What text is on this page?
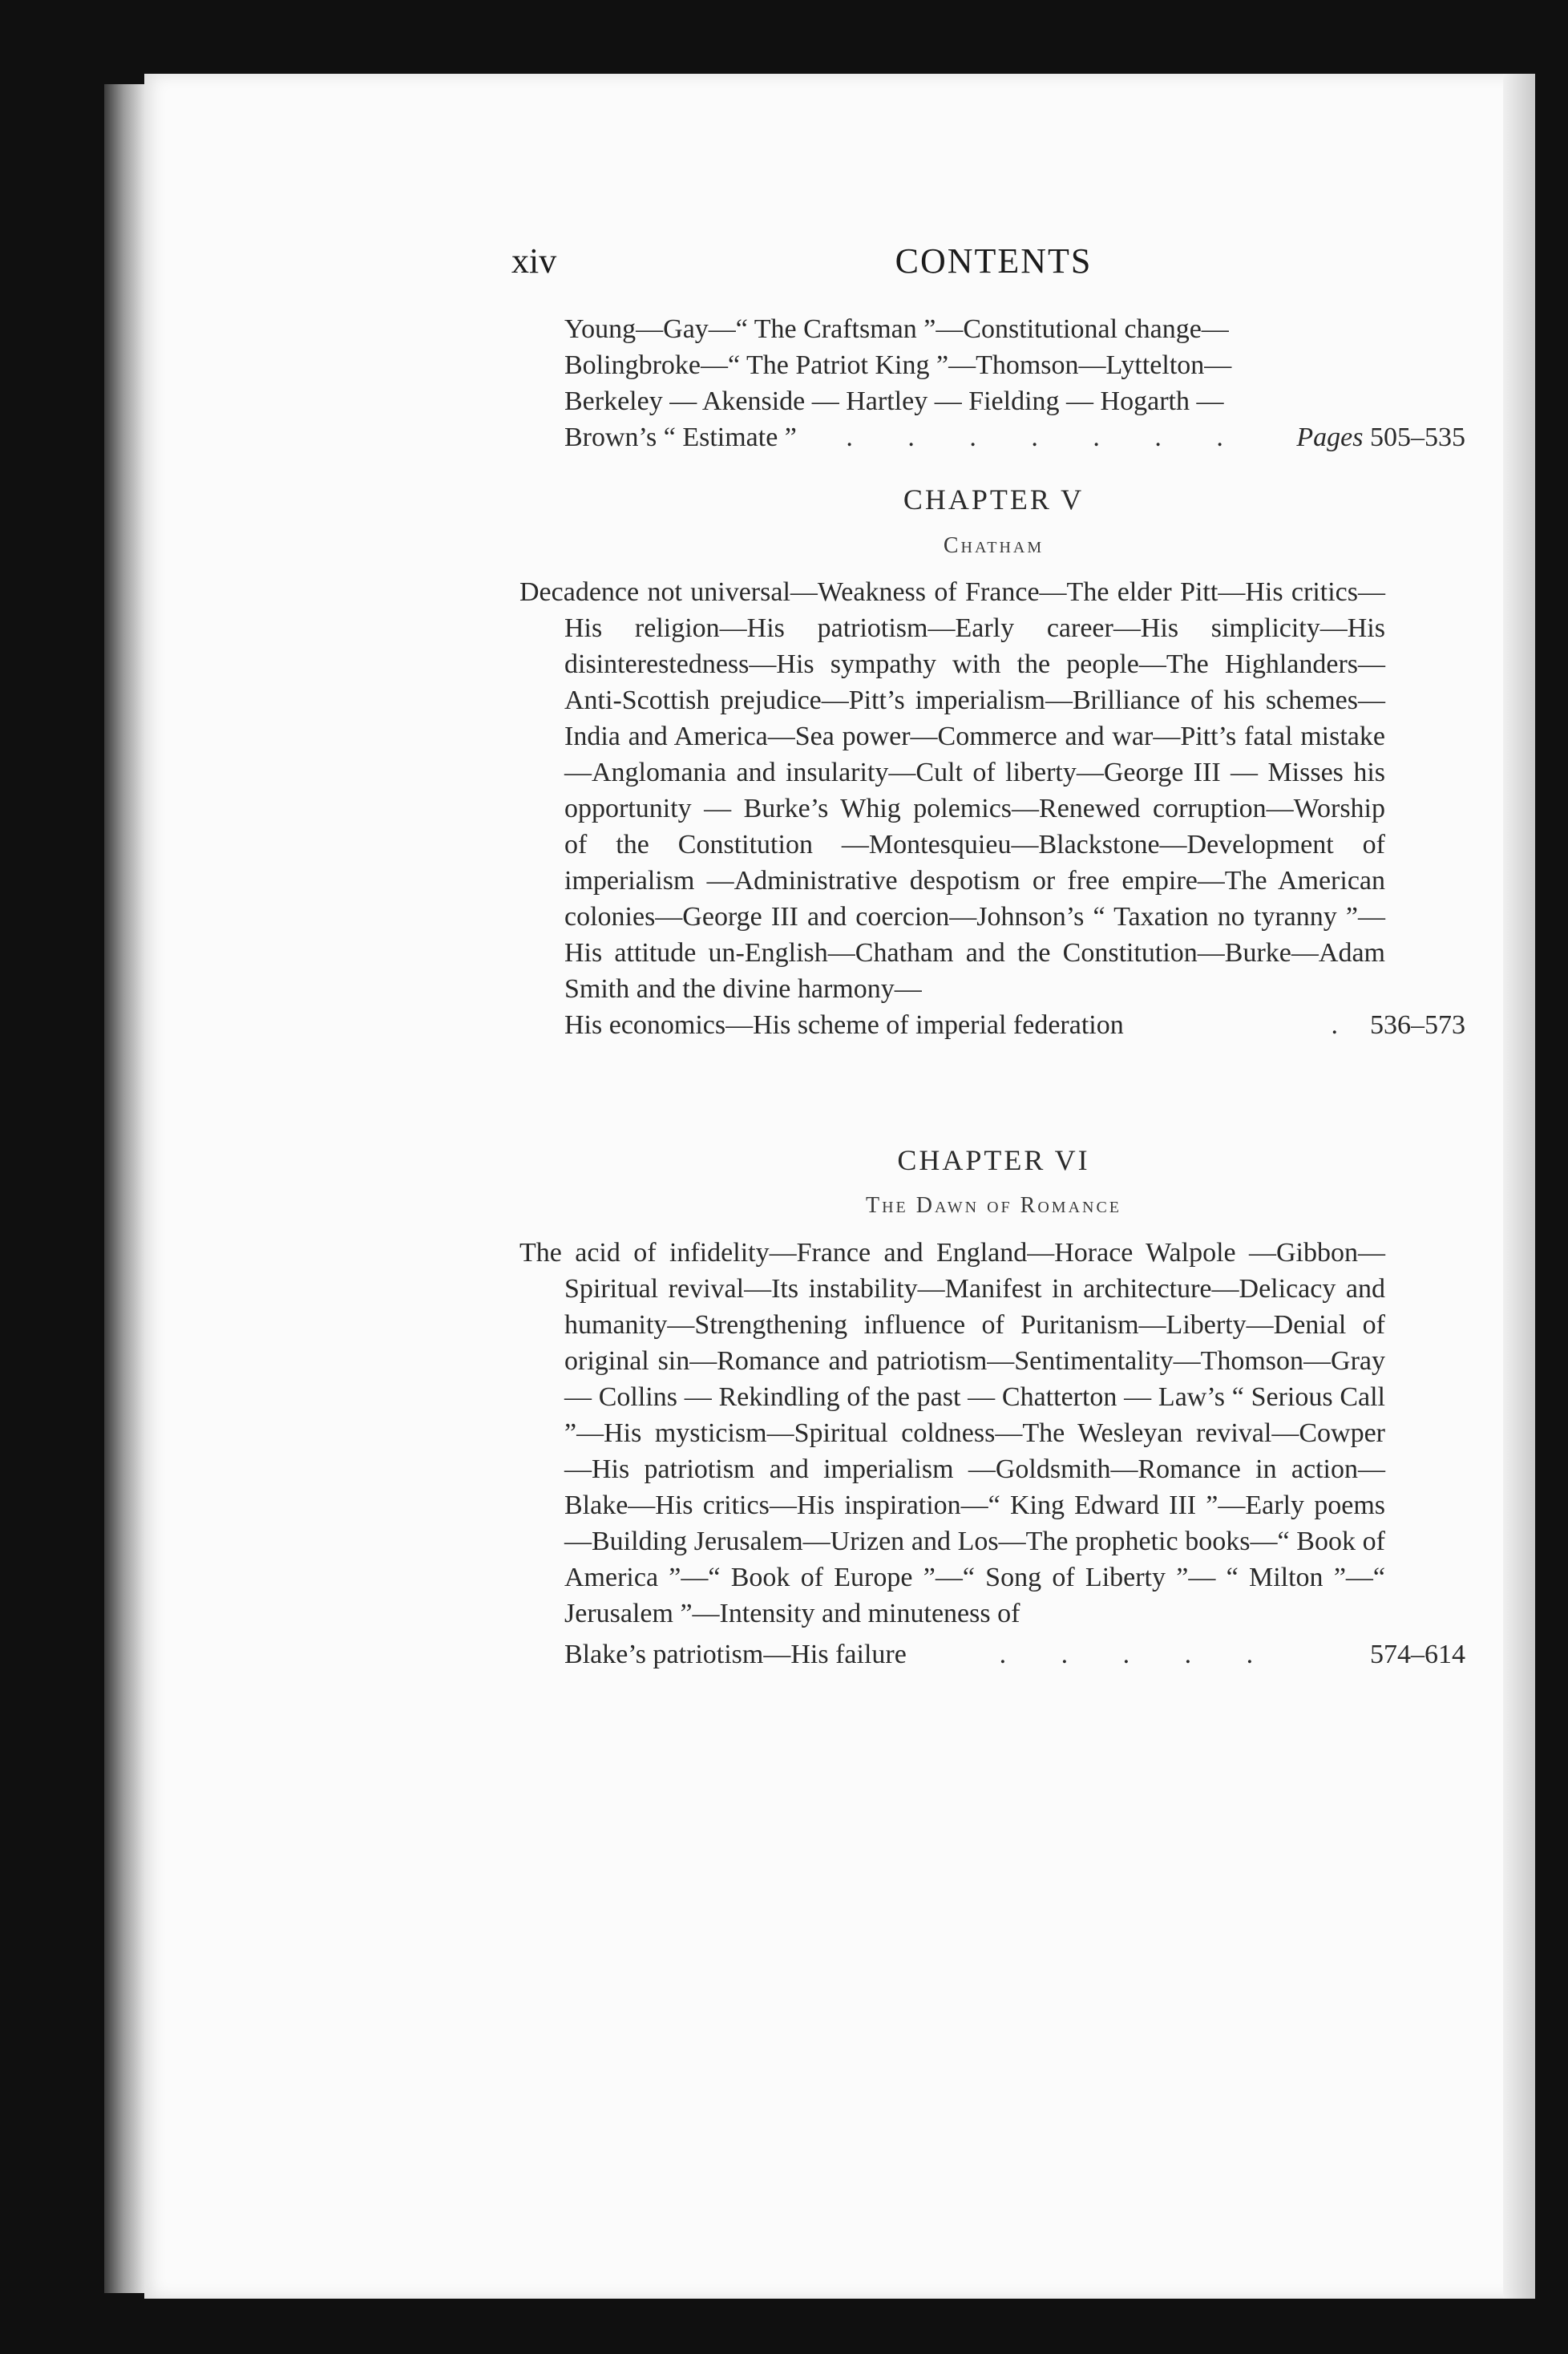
xiv	CONTENTS

Young—Gay—“ The Craftsman ”—Constitutional change—

Bolingbroke—“ The Patriot King ”—Thomson—Lyttelton—

Berkeley — Akenside — Hartley — Fielding — Hogarth —

Brown’s “ Estimate ”	. . . . . . .	Pages 505–535
CHAPTER V
Chatham

Decadence not universal—Weakness of France—The elder Pitt—His critics—His religion—His patriotism—Early career—His simplicity—His disinterestedness—His sympathy with the people—The Highlanders—Anti-Scottish prejudice—Pitt’s imperialism—Brilliance of his schemes—India and America—Sea power—Commerce and war—Pitt’s fatal mistake—Anglomania and insularity—Cult of liberty—George III — Misses his opportunity — Burke’s Whig polemics—Renewed corruption—Worship of the Constitution —Montesquieu—Blackstone—Development of imperialism —Administrative despotism or free empire—The American colonies—George III and coercion—Johnson’s “ Taxation no tyranny ”—His attitude un-English—Chatham and the Constitution—Burke—Adam Smith and the divine harmony—

His economics—His scheme of imperial federation	. 536–573
CHAPTER VI
The Dawn of Romance

The acid of infidelity—France and England—Horace Walpole —Gibbon—Spiritual revival—Its instability—Manifest in architecture—Delicacy and humanity—Strengthening influence of Puritanism—Liberty—Denial of original sin—Romance and patriotism—Sentimentality—Thomson—Gray — Collins — Rekindling of the past — Chatterton — Law’s “ Serious Call ”—His mysticism—Spiritual coldness—The Wesleyan revival—Cowper—His patriotism and imperialism —Goldsmith—Romance in action—Blake—His critics—His inspiration—“ King Edward III ”—Early poems—Building Jerusalem—Urizen and Los—The prophetic books—“ Book of America ”—“ Book of Europe ”—“ Song of Liberty ”— “ Milton ”—“ Jerusalem ”—Intensity and minuteness of

Blake’s patriotism—His failure	. . . . .	574–614
